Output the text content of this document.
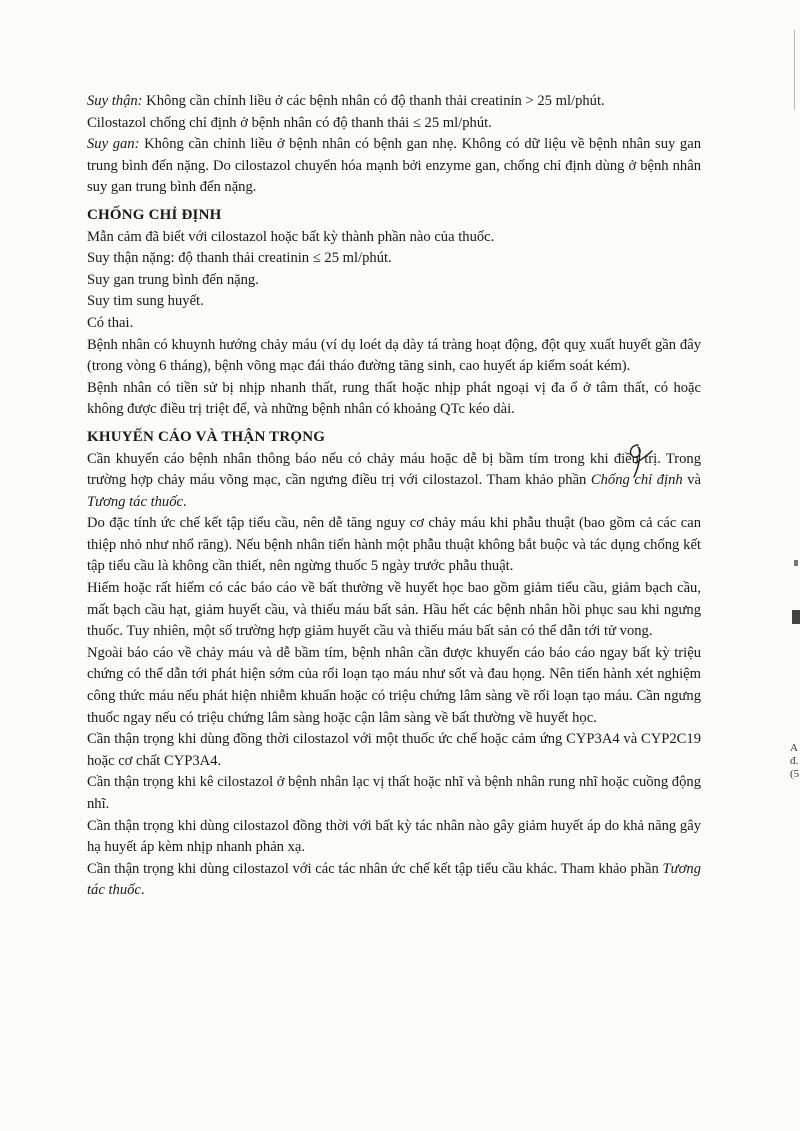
Suy thận: Không cần chỉnh liều ở các bệnh nhân có độ thanh thải creatinin > 25 ml/phút.

Cilostazol chống chỉ định ở bệnh nhân có độ thanh thải ≤ 25 ml/phút.

Suy gan: Không cần chỉnh liều ở bệnh nhân có bệnh gan nhẹ. Không có dữ liệu về bệnh nhân suy gan trung bình đến nặng. Do cilostazol chuyển hóa mạnh bởi enzyme gan, chống chỉ định dùng ở bệnh nhân suy gan trung bình đến nặng.

CHỐNG CHỈ ĐỊNH

Mẫn cảm đã biết với cilostazol hoặc bất kỳ thành phần nào của thuốc.

Suy thận nặng: độ thanh thải creatinin ≤ 25 ml/phút.

Suy gan trung bình đến nặng.

Suy tim sung huyết.

Có thai.

Bệnh nhân có khuynh hướng chảy máu (ví dụ loét dạ dày tá tràng hoạt động, đột quỵ xuất huyết gần đây (trong vòng 6 tháng), bệnh võng mạc đái tháo đường tăng sinh, cao huyết áp kiểm soát kém).

Bệnh nhân có tiền sử bị nhịp nhanh thất, rung thất hoặc nhịp phát ngoại vị đa ổ ở tâm thất, có hoặc không được điều trị triệt để, và những bệnh nhân có khoảng QTc kéo dài.

KHUYẾN CÁO VÀ THẬN TRỌNG

Cần khuyến cáo bệnh nhân thông báo nếu có chảy máu hoặc dễ bị bầm tím trong khi điều trị. Trong trường hợp chảy máu võng mạc, cần ngưng điều trị với cilostazol. Tham khảo phần Chống chỉ định và Tương tác thuốc.

Do đặc tính ức chế kết tập tiểu cầu, nên dễ tăng nguy cơ chảy máu khi phẫu thuật (bao gồm cả các can thiệp nhỏ như nhổ răng). Nếu bệnh nhân tiến hành một phẫu thuật không bắt buộc và tác dụng chống kết tập tiểu cầu là không cần thiết, nên ngừng thuốc 5 ngày trước phẫu thuật.

Hiếm hoặc rất hiếm có các báo cáo về bất thường về huyết học bao gồm giảm tiểu cầu, giảm bạch cầu, mất bạch cầu hạt, giảm huyết cầu, và thiếu máu bất sản. Hầu hết các bệnh nhân hồi phục sau khi ngưng thuốc. Tuy nhiên, một số trường hợp giảm huyết cầu và thiếu máu bất sản có thể dẫn tới tử vong.

Ngoài báo cáo về chảy máu và dễ bầm tím, bệnh nhân cần được khuyến cáo báo cáo ngay bất kỳ triệu chứng có thể dẫn tới phát hiện sớm của rối loạn tạo máu như sốt và đau họng. Nên tiến hành xét nghiệm công thức máu nếu phát hiện nhiễm khuẩn hoặc có triệu chứng lâm sàng về rối loạn tạo máu. Cần ngưng thuốc ngay nếu có triệu chứng lâm sàng hoặc cận lâm sàng về bất thường về huyết học.

Cần thận trọng khi dùng đồng thời cilostazol với một thuốc ức chế hoặc cảm ứng CYP3A4 và CYP2C19 hoặc cơ chất CYP3A4.

Cần thận trọng khi kê cilostazol ở bệnh nhân lạc vị thất hoặc nhĩ và bệnh nhân rung nhĩ hoặc cuồng động nhĩ.

Cần thận trọng khi dùng cilostazol đồng thời với bất kỳ tác nhân nào gây giảm huyết áp do khả năng gây hạ huyết áp kèm nhịp nhanh phản xạ.

Cần thận trọng khi dùng cilostazol với các tác nhân ức chế kết tập tiểu cầu khác. Tham khảo phần Tương tác thuốc.

A
đ.
(5
